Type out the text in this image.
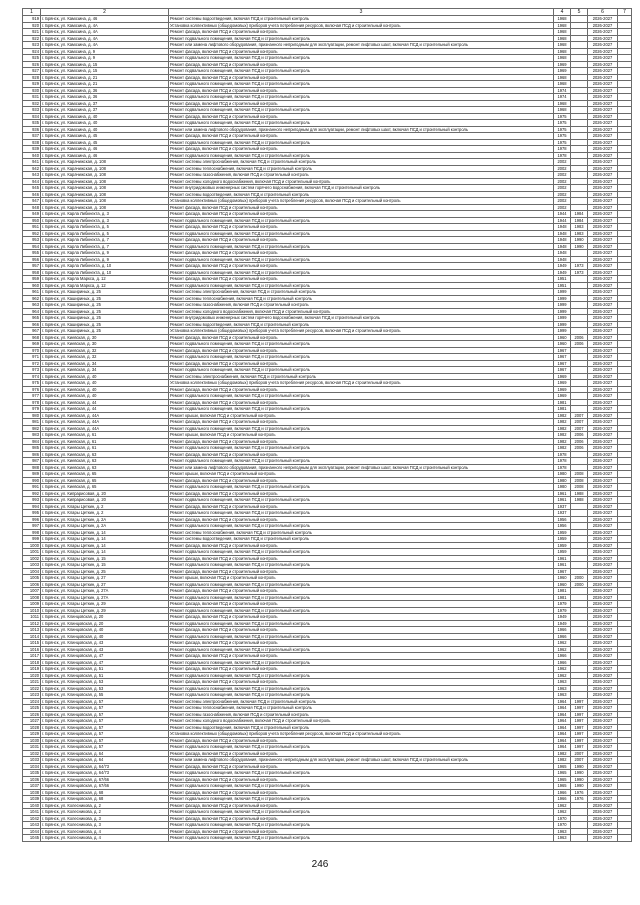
1	2	3	4	5	6	7
919	г. Брянск, ул. Камозина, д. 46	Ремонт системы водоотведения, включая ПСД и строительный контроль	1968		2026-2027	
920	г. Брянск, ул. Камозина, д. 4А	Установка коллективных (общедомовых) приборов учета потребления ресурсов, включая ПСД и строительный контроль	1968		2026-2027	
921	г. Брянск, ул. Камозина, д. 4А	Ремонт фасада, включая ПСД и строительный контроль	1968		2026-2027	
922	г. Брянск, ул. Камозина, д. 4А	Ремонт подвального помещения, включая ПСД и строительный контроль	1968		2026-2027	
923	г. Брянск, ул. Камозина, д. 4А	Ремонт или замена лифтового оборудования, признанного непригодным для эксплуатации, ремонт лифтовых шахт, включая ПСД и строительный контроль	1968		2026-2027	
924	г. Брянск, ул. Камозина, д. 9	Ремонт фасада, включая ПСД и строительный контроль	1968		2026-2027	
925	г. Брянск, ул. Камозина, д. 9	Ремонт подвального помещения, включая ПСД и строительный контроль	1968		2026-2027	
926	г. Брянск, ул. Камозина, д. 15	Ремонт фасада, включая ПСД и строительный контроль	1969		2026-2027	
927	г. Брянск, ул. Камозина, д. 15	Ремонт подвального помещения, включая ПСД и строительный контроль	1969		2026-2027	
928	г. Брянск, ул. Камозина, д. 21	Ремонт фасада, включая ПСД и строительный контроль	1968		2026-2027	
929	г. Брянск, ул. Камозина, д. 21	Ремонт подвального помещения, включая ПСД и строительный контроль	1968		2026-2027	
930	г. Брянск, ул. Камозина, д. 36	Ремонт фасада, включая ПСД и строительный контроль	1974		2026-2027	
931	г. Брянск, ул. Камозина, д. 36	Ремонт подвального помещения, включая ПСД и строительный контроль	1974		2026-2027	
932	г. Брянск, ул. Камозина, д. 37	Ремонт фасада, включая ПСД и строительный контроль	1968		2026-2027	
933	г. Брянск, ул. Камозина, д. 37	Ремонт подвального помещения, включая ПСД и строительный контроль	1968		2026-2027	
934	г. Брянск, ул. Камозина, д. 40	Ремонт фасада, включая ПСД и строительный контроль	1975		2026-2027	
935	г. Брянск, ул. Камозина, д. 40	Ремонт подвального помещения, включая ПСД и строительный контроль	1975		2026-2027	
936	г. Брянск, ул. Камозина, д. 40	Ремонт или замена лифтового оборудования, признанного непригодным для эксплуатации, ремонт лифтовых шахт, включая ПСД и строительный контроль	1975		2026-2027	
937	г. Брянск, ул. Камозина, д. 45	Ремонт фасада, включая ПСД и строительный контроль	1975		2026-2027	
938	г. Брянск, ул. Камозина, д. 45	Ремонт подвального помещения, включая ПСД и строительный контроль	1975		2026-2027	
939	г. Брянск, ул. Камозина, д. 46	Ремонт фасада, включая ПСД и строительный контроль	1978		2026-2027	
940	г. Брянск, ул. Камозина, д. 46	Ремонт подвального помещения, включая ПСД и строительный контроль	1978		2026-2027	
941	г. Брянск, ул. Карачижская, д. 108	Ремонт системы электроснабжения, включая ПСД и строительный контроль	2002		2026-2027	
942	г. Брянск, ул. Карачижская, д. 108	Ремонт системы теплоснабжения, включая ПСД и строительный контроль	2002		2026-2027	
943	г. Брянск, ул. Карачижская, д. 108	Ремонт системы газоснабжения, включая ПСД и строительный контроль	2002		2026-2027	
944	г. Брянск, ул. Карачижская, д. 108	Ремонт системы холодного водоснабжения, включая ПСД и строительный контроль	2002		2026-2027	
945	г. Брянск, ул. Карачижская, д. 108	Ремонт внутридомовых инженерных систем горячего водоснабжения, включая ПСД и строительный контроль	2002		2026-2027	
946	г. Брянск, ул. Карачижская, д. 108	Ремонт системы водоотведения, включая ПСД и строительный контроль	2002		2026-2027	
947	г. Брянск, ул. Карачижская, д. 108	Установка коллективных (общедомовых) приборов учета потребления ресурсов, включая ПСД и строительный контроль	2002		2026-2027	
948	г. Брянск, ул. Карачижская, д. 108	Ремонт фасада, включая ПСД и строительный контроль	2002		2026-2027	
949	г. Брянск, ул. Карла Либкнехта, д. 3	Ремонт фасада, включая ПСД и строительный контроль	1944	1984	2026-2027	
950	г. Брянск, ул. Карла Либкнехта, д. 3	Ремонт подвального помещения, включая ПСД и строительный контроль	1944	1984	2026-2027	
951	г. Брянск, ул. Карла Либкнехта, д. 5	Ремонт фасада, включая ПСД и строительный контроль	1948	1983	2026-2027	
952	г. Брянск, ул. Карла Либкнехта, д. 5	Ремонт подвального помещения, включая ПСД и строительный контроль	1948	1983	2026-2027	
953	г. Брянск, ул. Карла Либкнехта, д. 7	Ремонт фасада, включая ПСД и строительный контроль	1948	1990	2026-2027	
954	г. Брянск, ул. Карла Либкнехта, д. 7	Ремонт подвального помещения, включая ПСД и строительный контроль	1948	1990	2026-2027	
955	г. Брянск, ул. Карла Либкнехта, д. 9	Ремонт фасада, включая ПСД и строительный контроль	1948		2026-2027	
956	г. Брянск, ул. Карла Либкнехта, д. 9	Ремонт подвального помещения, включая ПСД и строительный контроль	1948		2026-2027	
957	г. Брянск, ул. Карла Либкнехта, д. 10	Ремонт фасада, включая ПСД и строительный контроль	1949	1973	2026-2027	
958	г. Брянск, ул. Карла Либкнехта, д. 10	Ремонт подвального помещения, включая ПСД и строительный контроль	1949	1973	2026-2027	
959	г. Брянск, ул. Карла Маркса, д. 12	Ремонт фасада, включая ПСД и строительный контроль	1951		2026-2027	
960	г. Брянск, ул. Карла Маркса, д. 12	Ремонт подвального помещения, включая ПСД и строительный контроль	1951		2026-2027	
961	г. Брянск, ул. Кашириных, д. 25	Ремонт системы электроснабжения, включая ПСД и строительный контроль	1999		2026-2027	
962	г. Брянск, ул. Кашириных, д. 25	Ремонт системы теплоснабжения, включая ПСД и строительный контроль	1999		2026-2027	
963	г. Брянск, ул. Кашириных, д. 25	Ремонт системы газоснабжения, включая ПСД и строительный контроль	1999		2026-2027	
964	г. Брянск, ул. Кашириных, д. 25	Ремонт системы холодного водоснабжения, включая ПСД и строительный контроль	1999		2026-2027	
965	г. Брянск, ул. Кашириных, д. 25	Ремонт внутридомовых инженерных систем горячего водоснабжения, включая ПСД и строительный контроль	1999		2026-2027	
966	г. Брянск, ул. Кашириных, д. 25	Ремонт системы водоотведения, включая ПСД и строительный контроль	1999		2026-2027	
967	г. Брянск, ул. Кашириных, д. 25	Установка коллективных (общедомовых) приборов учета потребления ресурсов, включая ПСД и строительный контроль	1999		2026-2027	
968	г. Брянск, ул. Киевская, д. 30	Ремонт фасада, включая ПСД и строительный контроль	1960	2006	2026-2027	
969	г. Брянск, ул. Киевская, д. 30	Ремонт подвального помещения, включая ПСД и строительный контроль	1960	2006	2026-2027	
970	г. Брянск, ул. Киевская, д. 32	Ремонт фасада, включая ПСД и строительный контроль	1967		2026-2027	
971	г. Брянск, ул. Киевская, д. 32	Ремонт подвального помещения, включая ПСД и строительный контроль	1967		2026-2027	
972	г. Брянск, ул. Киевская, д. 34	Ремонт фасада, включая ПСД и строительный контроль	1967		2026-2027	
973	г. Брянск, ул. Киевская, д. 34	Ремонт подвального помещения, включая ПСД и строительный контроль	1967		2026-2027	
974	г. Брянск, ул. Киевская, д. 40	Ремонт системы электроснабжения, включая ПСД и строительный контроль	1969		2026-2027	
975	г. Брянск, ул. Киевская, д. 40	Установка коллективных (общедомовых) приборов учета потребления ресурсов, включая ПСД и строительный контроль	1969		2026-2027	
976	г. Брянск, ул. Киевская, д. 40	Ремонт фасада, включая ПСД и строительный контроль	1969		2026-2027	
977	г. Брянск, ул. Киевская, д. 40	Ремонт подвального помещения, включая ПСД и строительный контроль	1969		2026-2027	
978	г. Брянск, ул. Киевская, д. 44	Ремонт фасада, включая ПСД и строительный контроль	1981		2026-2027	
979	г. Брянск, ул. Киевская, д. 44	Ремонт подвального помещения, включая ПСД и строительный контроль	1981		2026-2027	
980	г. Брянск, ул. Киевская, д. 44А	Ремонт крыши, включая ПСД и строительный контроль	1982	2007	2026-2027	
981	г. Брянск, ул. Киевская, д. 44А	Ремонт фасада, включая ПСД и строительный контроль	1982	2007	2026-2027	
982	г. Брянск, ул. Киевская, д. 44А	Ремонт подвального помещения, включая ПСД и строительный контроль	1982	2007	2026-2027	
983	г. Брянск, ул. Киевская, д. 61	Ремонт крыши, включая ПСД и строительный контроль	1982	2006	2026-2027	
984	г. Брянск, ул. Киевская, д. 61	Ремонт фасада, включая ПСД и строительный контроль	1982	2006	2026-2027	
985	г. Брянск, ул. Киевская, д. 61	Ремонт подвального помещения, включая ПСД и строительный контроль	1982	2006	2026-2027	
986	г. Брянск, ул. Киевская, д. 63	Ремонт фасада, включая ПСД и строительный контроль	1978		2026-2027	
987	г. Брянск, ул. Киевская, д. 63	Ремонт подвального помещения, включая ПСД и строительный контроль	1978		2026-2027	
988	г. Брянск, ул. Киевская, д. 63	Ремонт или замена лифтового оборудования, признанного непригодным для эксплуатации, ремонт лифтовых шахт, включая ПСД и строительный контроль	1978		2026-2027	
989	г. Брянск, ул. Киевская, д. 65	Ремонт крыши, включая ПСД и строительный контроль	1980	2008	2026-2027	
990	г. Брянск, ул. Киевская, д. 65	Ремонт фасада, включая ПСД и строительный контроль	1980	2008	2026-2027	
991	г. Брянск, ул. Киевская, д. 65	Ремонт подвального помещения, включая ПСД и строительный контроль	1980	2008	2026-2027	
992	г. Брянск, ул. Кипрарисовая, д. 20	Ремонт фасада, включая ПСД и строительный контроль	1961	1988	2026-2027	
993	г. Брянск, ул. Кипрарисовая, д. 20	Ремонт подвального помещения, включая ПСД и строительный контроль	1961	1988	2026-2027	
994	г. Брянск, ул. Клары Цеткин, д. 2	Ремонт фасада, включая ПСД и строительный контроль	1937		2026-2027	
995	г. Брянск, ул. Клары Цеткин, д. 2	Ремонт подвального помещения, включая ПСД и строительный контроль	1937		2026-2027	
996	г. Брянск, ул. Клары Цеткин, д. 2А	Ремонт фасада, включая ПСД и строительный контроль	1956		2026-2027	
997	г. Брянск, ул. Клары Цеткин, д. 2А	Ремонт подвального помещения, включая ПСД и строительный контроль	1956		2026-2027	
998	г. Брянск, ул. Клары Цеткин, д. 14	Ремонт системы теплоснабжения, включая ПСД и строительный контроль	1959		2026-2027	
999	г. Брянск, ул. Клары Цеткин, д. 14	Ремонт системы водоотведения, включая ПСД и строительный контроль	1959		2026-2027	
1000	г. Брянск, ул. Клары Цеткин, д. 14	Ремонт фасада, включая ПСД и строительный контроль	1959		2026-2027	
1001	г. Брянск, ул. Клары Цеткин, д. 14	Ремонт подвального помещения, включая ПСД и строительный контроль	1959		2026-2027	
1002	г. Брянск, ул. Клары Цеткин, д. 15	Ремонт фасада, включая ПСД и строительный контроль	1961		2026-2027	
1003	г. Брянск, ул. Клары Цеткин, д. 15	Ремонт подвального помещения, включая ПСД и строительный контроль	1961		2026-2027	
1004	г. Брянск, ул. Клары Цеткин, д. 25	Ремонт фасада, включая ПСД и строительный контроль	1967		2026-2027	
1005	г. Брянск, ул. Клары Цеткин, д. 27	Ремонт крыши, включая ПСД и строительный контроль	1960	2000	2026-2027	
1006	г. Брянск, ул. Клары Цеткин, д. 27	Ремонт подвального помещения, включая ПСД и строительный контроль	1960	2000	2026-2027	
1007	г. Брянск, ул. Клары Цеткин, д. 27А	Ремонт фасада, включая ПСД и строительный контроль	1981		2026-2027	
1008	г. Брянск, ул. Клары Цеткин, д. 27А	Ремонт подвального помещения, включая ПСД и строительный контроль	1981		2026-2027	
1009	г. Брянск, ул. Клары Цеткин, д. 29	Ремонт фасада, включая ПСД и строительный контроль	1979		2026-2027	
1010	г. Брянск, ул. Клары Цеткин, д. 29	Ремонт подвального помещения, включая ПСД и строительный контроль	1979		2026-2027	
1011	г. Брянск, ул. Клинцовская, д. 20	Ремонт фасада, включая ПСД и строительный контроль	1949		2026-2027	
1012	г. Брянск, ул. Клинцовская, д. 20	Ремонт подвального помещения, включая ПСД и строительный контроль	1949		2026-2027	
1013	г. Брянск, ул. Клинцовская, д. 40	Ремонт фасада, включая ПСД и строительный контроль	1966		2026-2027	
1014	г. Брянск, ул. Клинцовская, д. 40	Ремонт подвального помещения, включая ПСД и строительный контроль	1966		2026-2027	
1015	г. Брянск, ул. Клинцовская, д. 43	Ремонт фасада, включая ПСД и строительный контроль	1962		2026-2027	
1016	г. Брянск, ул. Клинцовская, д. 43	Ремонт подвального помещения, включая ПСД и строительный контроль	1962		2026-2027	
1017	г. Брянск, ул. Клинцовская, д. 47	Ремонт фасада, включая ПСД и строительный контроль	1966		2026-2027	
1018	г. Брянск, ул. Клинцовская, д. 47	Ремонт подвального помещения, включая ПСД и строительный контроль	1966		2026-2027	
1019	г. Брянск, ул. Клинцовская, д. 51	Ремонт фасада, включая ПСД и строительный контроль	1962		2026-2027	
1020	г. Брянск, ул. Клинцовская, д. 51	Ремонт подвального помещения, включая ПСД и строительный контроль	1962		2026-2027	
1021	г. Брянск, ул. Клинцовская, д. 53	Ремонт фасада, включая ПСД и строительный контроль	1963		2026-2027	
1022	г. Брянск, ул. Клинцовская, д. 53	Ремонт подвального помещения, включая ПСД и строительный контроль	1963		2026-2027	
1023	г. Брянск, ул. Клинцовская, д. 55	Ремонт подвального помещения, включая ПСД и строительный контроль	1963		2026-2027	
1024	г. Брянск, ул. Клинцовская, д. 57	Ремонт системы электроснабжения, включая ПСД и строительный контроль	1964	1997	2026-2027	
1025	г. Брянск, ул. Клинцовская, д. 57	Ремонт системы теплоснабжения, включая ПСД и строительный контроль	1964	1997	2026-2027	
1026	г. Брянск, ул. Клинцовская, д. 57	Ремонт системы газоснабжения, включая ПСД и строительный контроль	1964	1997	2026-2027	
1027	г. Брянск, ул. Клинцовская, д. 57	Ремонт системы холодного водоснабжения, включая ПСД и строительный контроль	1964	1997	2026-2027	
1028	г. Брянск, ул. Клинцовская, д. 57	Ремонт системы водоотведения, включая ПСД и строительный контроль	1964	1997	2026-2027	
1029	г. Брянск, ул. Клинцовская, д. 57	Установка коллективных (общедомовых) приборов учета потребления ресурсов, включая ПСД и строительный контроль	1964	1997	2026-2027	
1030	г. Брянск, ул. Клинцовская, д. 57	Ремонт фасада, включая ПСД и строительный контроль	1964	1997	2026-2027	
1031	г. Брянск, ул. Клинцовская, д. 57	Ремонт подвального помещения, включая ПСД и строительный контроль	1964	1997	2026-2027	
1032	г. Брянск, ул. Клинцовская, д. 64	Ремонт фасада, включая ПСД и строительный контроль	1982	2007	2026-2027	
1033	г. Брянск, ул. Клинцовская, д. 64	Ремонт или замена лифтового оборудования, признанного непригодным для эксплуатации, ремонт лифтовых шахт, включая ПСД и строительный контроль	1982	2007	2026-2027	
1034	г. Брянск, ул. Клинцовская, д. 64/73	Ремонт фасада, включая ПСД и строительный контроль	1965	1990	2026-2027	
1035	г. Брянск, ул. Клинцовская, д. 64/73	Ремонт подвального помещения, включая ПСД и строительный контроль	1965	1990	2026-2027	
1036	г. Брянск, ул. Клинцовская, д. 67/66	Ремонт фасада, включая ПСД и строительный контроль	1965	1990	2026-2027	
1037	г. Брянск, ул. Клинцовская, д. 67/66	Ремонт подвального помещения, включая ПСД и строительный контроль	1965	1990	2026-2027	
1038	г. Брянск, ул. Клинцовская, д. 68	Ремонт фасада, включая ПСД и строительный контроль	1966	1976	2026-2027	
1039	г. Брянск, ул. Клинцовская, д. 68	Ремонт подвального помещения, включая ПСД и строительный контроль	1966	1976	2026-2027	
1040	г. Брянск, ул. Колесникова, д. 2	Ремонт фасада, включая ПСД и строительный контроль	1962		2026-2027	
1041	г. Брянск, ул. Колесникова, д. 2	Ремонт подвального помещения, включая ПСД и строительный контроль	1962		2026-2027	
1042	г. Брянск, ул. Колесникова, д. 3	Ремонт фасада, включая ПСД и строительный контроль	1970		2026-2027	
1043	г. Брянск, ул. Колесникова, д. 3	Ремонт подвального помещения, включая ПСД и строительный контроль	1970		2026-2027	
1044	г. Брянск, ул. Колесникова, д. 4	Ремонт фасада, включая ПСД и строительный контроль	1963		2026-2027	
1045	г. Брянск, ул. Колесникова, д. 4	Ремонт подвального помещения, включая ПСД и строительный контроль	1963		2026-2027	
246
